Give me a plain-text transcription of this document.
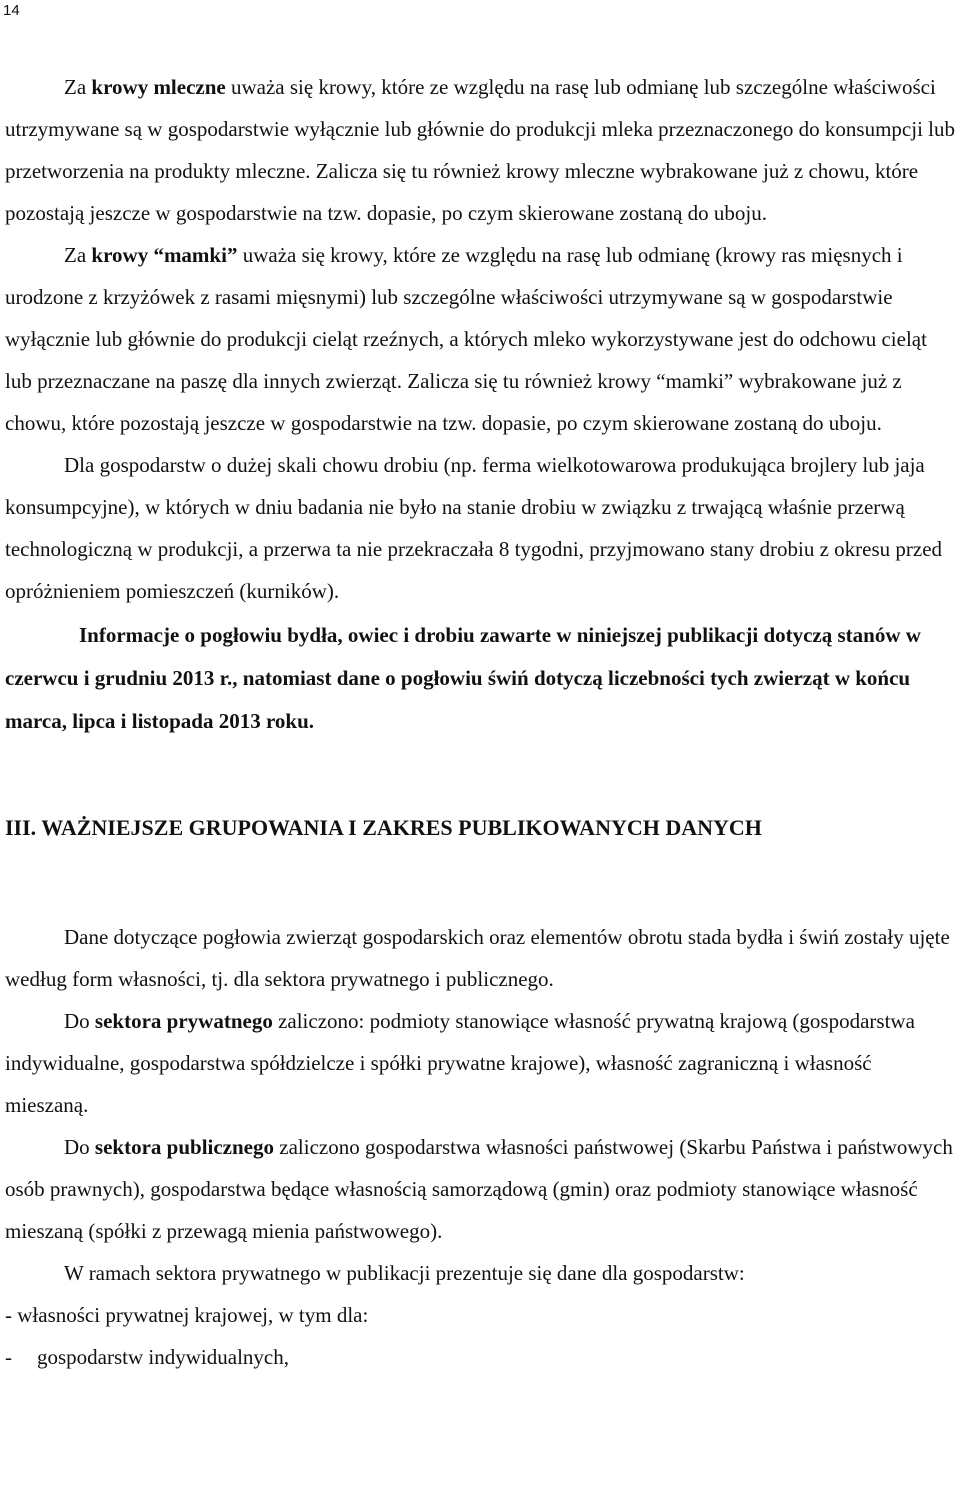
14

Za krowy mleczne uważa się krowy, które ze względu na rasę lub odmianę lub szczególne właściwości utrzymywane są w gospodarstwie wyłącznie lub głównie do produkcji mleka przeznaczonego do konsumpcji lub przetworzenia na produkty mleczne. Zalicza się tu również krowy mleczne wybrakowane już z chowu, które pozostają jeszcze w gospodarstwie na tzw. dopasie, po czym skierowane zostaną do uboju.

Za krowy “mamki” uważa się krowy, które ze względu na rasę lub odmianę (krowy ras mięsnych i urodzone z krzyżówek z rasami mięsnymi) lub szczególne właściwości utrzymywane są w gospodarstwie wyłącznie lub głównie do produkcji cieląt rzeźnych, a których mleko wykorzystywane jest do odchowu cieląt lub przeznaczane na paszę dla innych zwierząt. Zalicza się tu również krowy “mamki” wybrakowane już z chowu, które pozostają jeszcze w gospodarstwie na tzw. dopasie, po czym skierowane zostaną do uboju.

Dla gospodarstw o dużej skali chowu drobiu (np. ferma wielkotowarowa produkująca brojlery lub jaja konsumpcyjne), w których w dniu badania nie było na stanie drobiu w związku z trwającą właśnie przerwą technologiczną w produkcji, a przerwa ta nie przekraczała 8 tygodni, przyjmowano stany drobiu z okresu przed opróżnieniem pomieszczeń (kurników).

Informacje o pogłowiu bydła, owiec i drobiu zawarte w niniejszej publikacji dotyczą stanów w czerwcu i grudniu 2013 r., natomiast dane o pogłowiu świń dotyczą liczebności tych zwierząt w końcu marca, lipca i listopada 2013 roku.

III. WAŻNIEJSZE GRUPOWANIA I ZAKRES PUBLIKOWANYCH DANYCH

Dane dotyczące pogłowia zwierząt gospodarskich oraz elementów obrotu stada bydła i świń zostały ujęte według form własności, tj. dla sektora prywatnego i publicznego.

Do sektora prywatnego zaliczono: podmioty stanowiące własność prywatną krajową (gospodarstwa indywidualne, gospodarstwa spółdzielcze i spółki prywatne krajowe), własność zagraniczną i własność mieszaną.

Do sektora publicznego zaliczono gospodarstwa własności państwowej (Skarbu Państwa i państwowych osób prawnych), gospodarstwa będące własnością samorządową (gmin) oraz podmioty stanowiące własność mieszaną (spółki z przewagą mienia państwowego).

W ramach sektora prywatnego w publikacji prezentuje się dane dla gospodarstw:

- własności prywatnej krajowej, w tym dla:

-	gospodarstw indywidualnych,
